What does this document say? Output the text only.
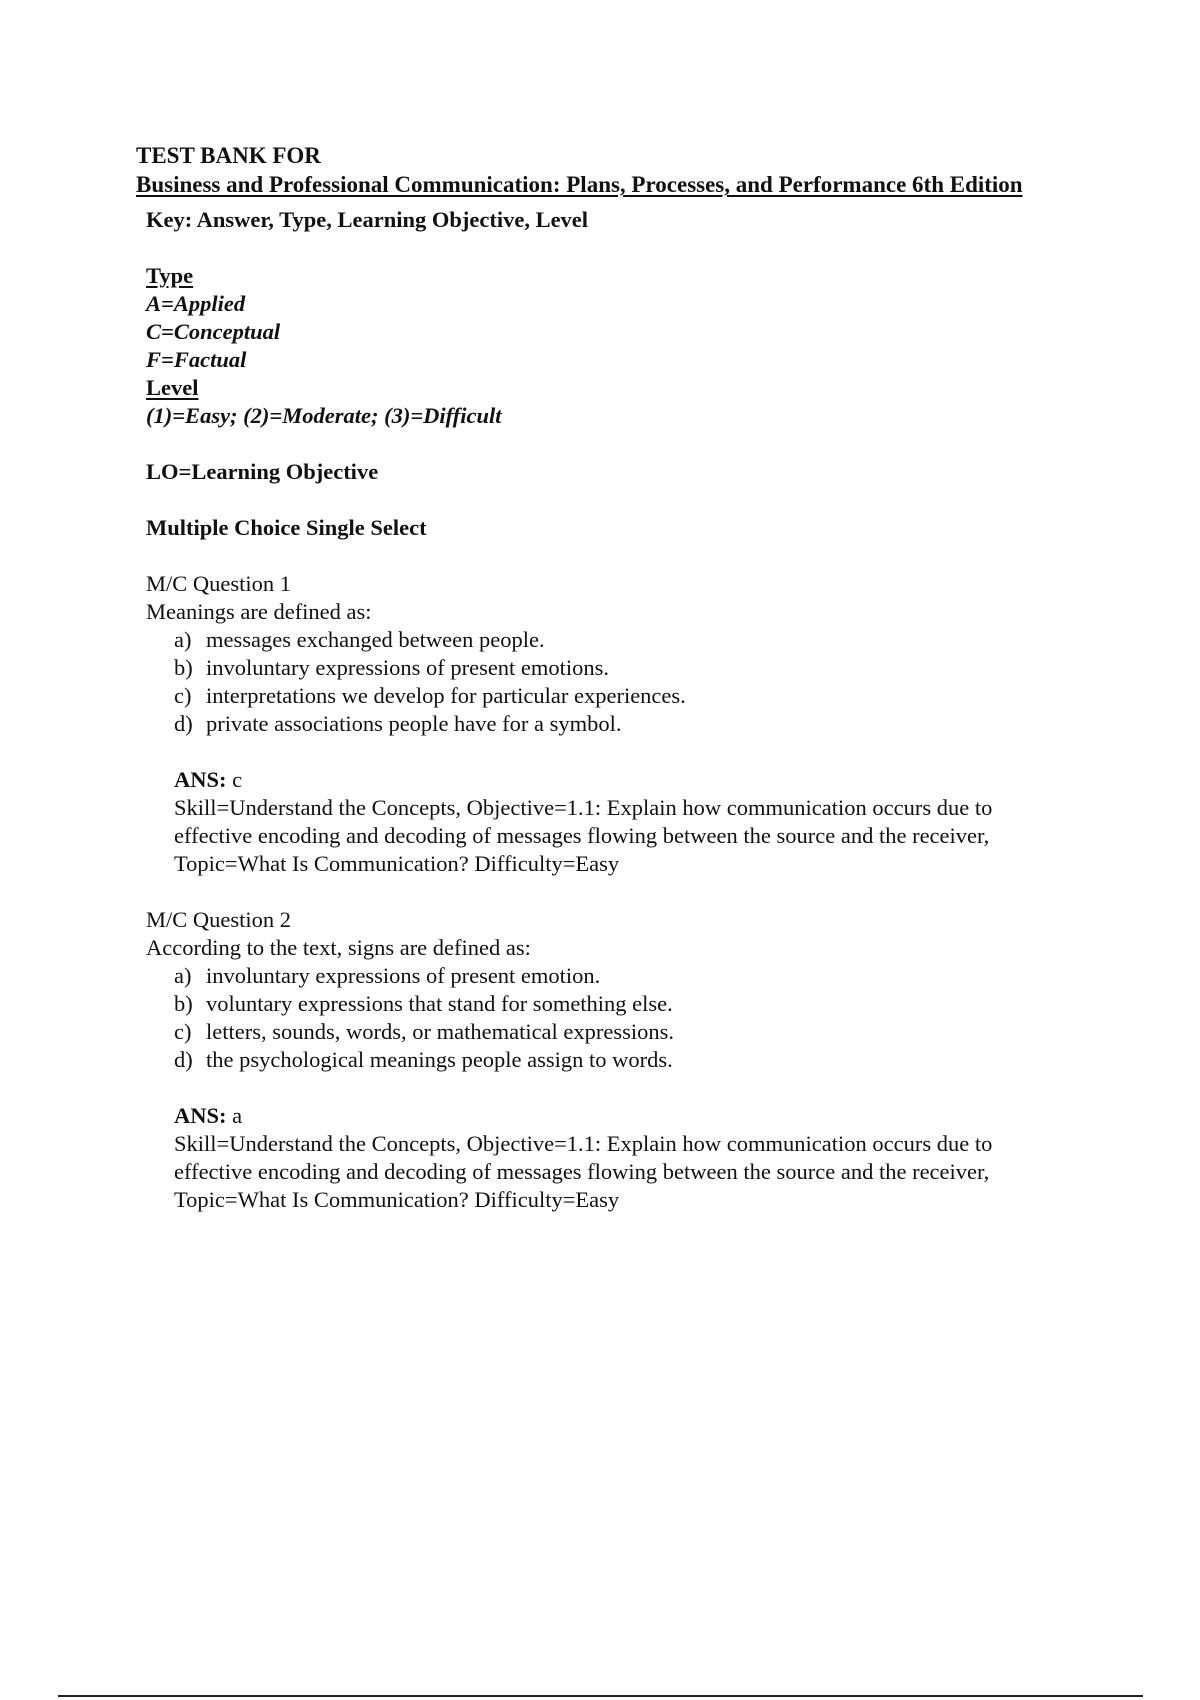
TEST BANK FOR
Business and Professional Communication: Plans, Processes, and Performance 6th Edition

Key: Answer, Type, Learning Objective, Level

Type

A=Applied

C=Conceptual

F=Factual

Level

(1)=Easy; (2)=Moderate; (3)=Difficult

LO=Learning Objective

Multiple Choice Single Select

M/C Question 1

Meanings are defined as:

a) messages exchanged between people.
b) involuntary expressions of present emotions.
c) interpretations we develop for particular experiences.
d) private associations people have for a symbol.

ANS: c

Skill=Understand the Concepts, Objective=1.1: Explain how communication occurs due to

effective encoding and decoding of messages flowing between the source and the receiver,

Topic=What Is Communication? Difficulty=Easy

M/C Question 2

According to the text, signs are defined as:

a) involuntary expressions of present emotion.
b) voluntary expressions that stand for something else.
c) letters, sounds, words, or mathematical expressions.
d) the psychological meanings people assign to words.

ANS: a

Skill=Understand the Concepts, Objective=1.1: Explain how communication occurs due to

effective encoding and decoding of messages flowing between the source and the receiver,

Topic=What Is Communication? Difficulty=Easy
